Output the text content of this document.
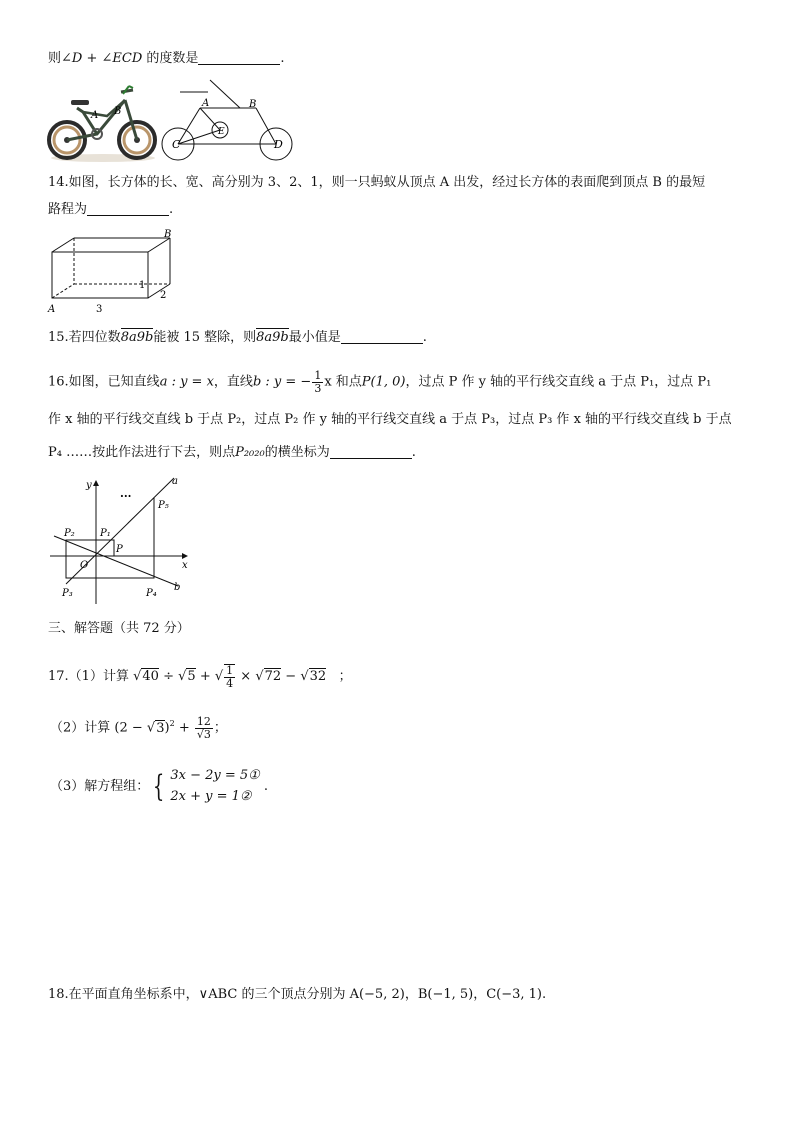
则∠D + ∠ECD 的度数是	.
A B
A	B
C	D
E
14.如图，长方体的长、宽、高分别为 3、2、1，则一只蚂蚁从顶点 A 出发，经过长方体的表面爬到顶点 B 的最短
路程为	.
B
A	3
2
1
15.若四位数8a9b能被 15 整除，则8a9b最小值是	.
16.如图，已知直线a : y = x，直线b : y = − $\frac{1}{3}$ x 和点P(1, 0)，过点 P 作 y 轴的平行线交直线 a 于点 P₁，过点 P₁
作 x 轴的平行线交直线 b 于点 P₂，过点 P₂ 作 y 轴的平行线交直线 a 于点 P₃，过点 P₃ 作 x 轴的平行线交直线 b 于点
P₄ ……按此作法进行下去，则点P₂₀₂₀的横坐标为	.
y
x
O
a
b
P
P₁
P₂
P₃	P₄
P₅
···
三、解答题（共 72 分）
17.（1）计算 √40 ÷ √5 + √ $\frac{1}{4} \times √72 - √32$ ；
（2）计算 $(2 - √3)^2 + \frac{12}{√3}$ ；
（3）解方程组： { 3x − 2y = 5①
2x + y = 1②
.
18.在平面直角坐标系中，∨ABC 的三个顶点分别为 A(−5, 2)，B(−1, 5)，C(−3, 1).
